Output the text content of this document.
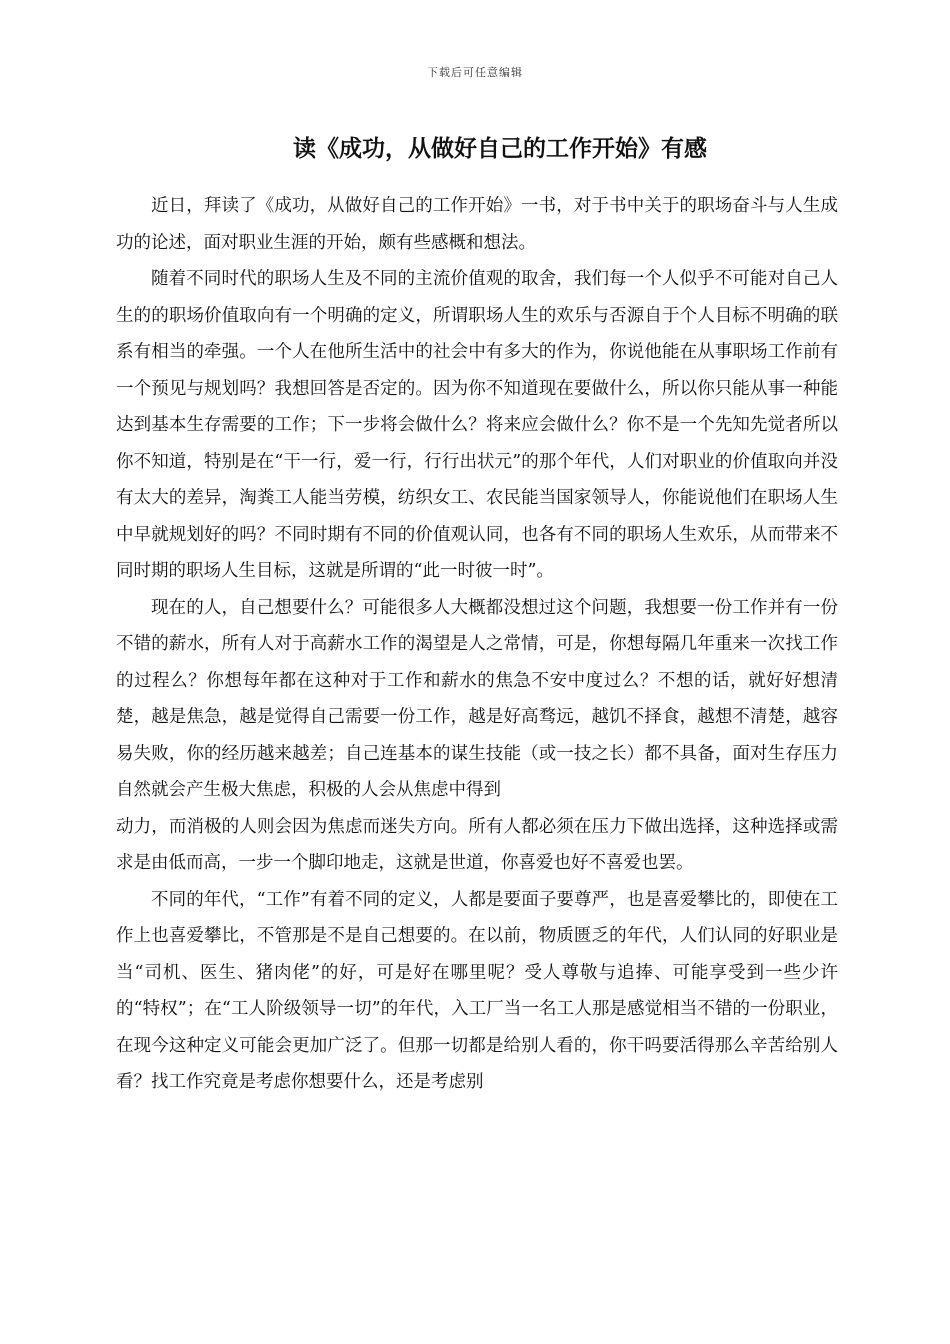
下载后可任意编辑
读《成功，从做好自己的工作开始》有感

近日，拜读了《成功，从做好自己的工作开始》一书，对于书中关于的职场奋斗与人生成功的论述，面对职业生涯的开始，颇有些感概和想法。

随着不同时代的职场人生及不同的主流价值观的取舍，我们每一个人似乎不可能对自己人生的的职场价值取向有一个明确的定义，所谓职场人生的欢乐与否源自于个人目标不明确的联系有相当的牵强。一个人在他所生活中的社会中有多大的作为，你说他能在从事职场工作前有一个预见与规划吗？我想回答是否定的。因为你不知道现在要做什么，所以你只能从事一种能达到基本生存需要的工作；下一步将会做什么？将来应会做什么？你不是一个先知先觉者所以你不知道，特别是在“干一行，爱一行，行行出状元”的那个年代，人们对职业的价值取向并没有太大的差异，淘粪工人能当劳模，纺织女工、农民能当国家领导人，你能说他们在职场人生中早就规划好的吗？不同时期有不同的价值观认同，也各有不同的职场人生欢乐，从而带来不同时期的职场人生目标，这就是所谓的“此一时彼一时”。

现在的人，自己想要什么？可能很多人大概都没想过这个问题，我想要一份工作并有一份不错的薪水，所有人对于高薪水工作的渴望是人之常情，可是，你想每隔几年重来一次找工作的过程么？你想每年都在这种对于工作和薪水的焦急不安中度过么？不想的话，就好好想清楚，越是焦急，越是觉得自己需要一份工作，越是好高骛远，越饥不择食，越想不清楚，越容易失败，你的经历越来越差；自己连基本的谋生技能（或一技之长）都不具备，面对生存压力自然就会产生极大焦虑，积极的人会从焦虑中得到

动力，而消极的人则会因为焦虑而迷失方向。所有人都必须在压力下做出选择，这种选择或需求是由低而高，一步一个脚印地走，这就是世道，你喜爱也好不喜爱也罢。

不同的年代，“工作”有着不同的定义，人都是要面子要尊严，也是喜爱攀比的，即使在工作上也喜爱攀比，不管那是不是自己想要的。在以前，物质匮乏的年代，人们认同的好职业是当“司机、医生、猪肉佬”的好，可是好在哪里呢？受人尊敬与追捧、可能享受到一些少许的“特权”；在“工人阶级领导一切”的年代，入工厂当一名工人那是感觉相当不错的一份职业，在现今这种定义可能会更加广泛了。但那一切都是给别人看的，你干吗要活得那么辛苦给别人看？找工作究竟是考虑你想要什么，还是考虑别
